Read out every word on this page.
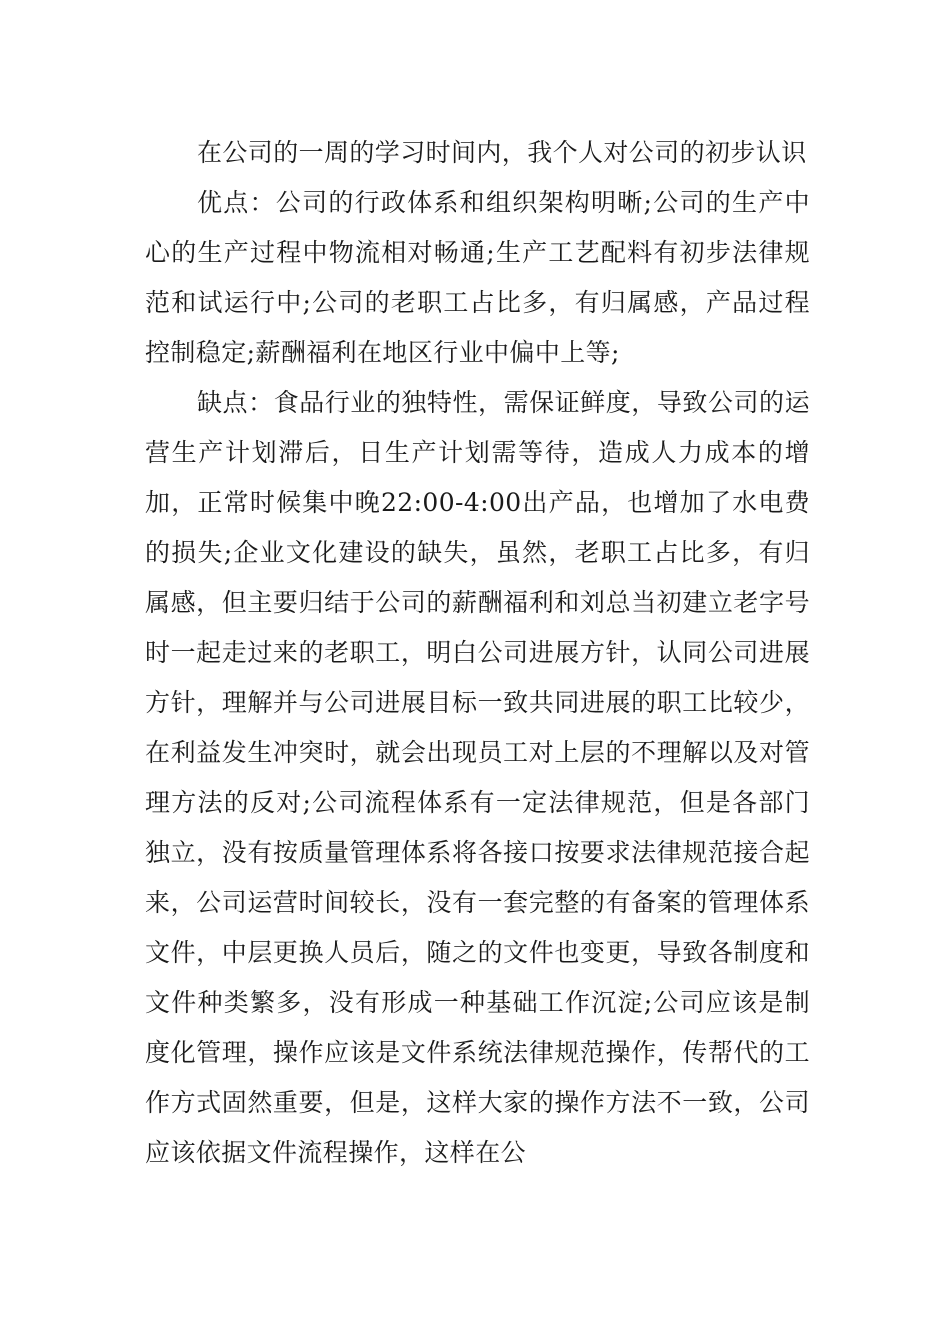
在公司的一周的学习时间内，我个人对公司的初步认识

优点：公司的行政体系和组织架构明晰;公司的生产中心的生产过程中物流相对畅通;生产工艺配料有初步法律规范和试运行中;公司的老职工占比多，有归属感，产品过程控制稳定;薪酬福利在地区行业中偏中上等;

缺点：食品行业的独特性，需保证鲜度，导致公司的运营生产计划滞后，日生产计划需等待，造成人力成本的增加，正常时候集中晚22:00-4:00出产品，也增加了水电费的损失;企业文化建设的缺失，虽然，老职工占比多，有归属感，但主要归结于公司的薪酬福利和刘总当初建立老字号时一起走过来的老职工，明白公司进展方针，认同公司进展方针，理解并与公司进展目标一致共同进展的职工比较少，在利益发生冲突时，就会出现员工对上层的不理解以及对管理方法的反对;公司流程体系有一定法律规范，但是各部门独立，没有按质量管理体系将各接口按要求法律规范接合起来，公司运营时间较长，没有一套完整的有备案的管理体系文件，中层更换人员后，随之的文件也变更，导致各制度和文件种类繁多，没有形成一种基础工作沉淀;公司应该是制度化管理，操作应该是文件系统法律规范操作，传帮代的工作方式固然重要，但是，这样大家的操作方法不一致，公司应该依据文件流程操作，这样在公
